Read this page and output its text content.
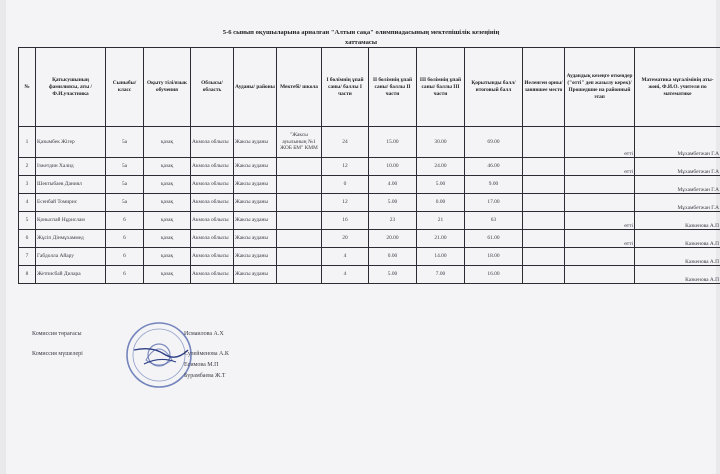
5-6 сынып оқушыларына арналған "Алтын сақа" олимпиадасының мектепішілік кезеңінің
хаттамасы
№	Қатысушының фамилиясы, аты /Ф.И.участника	Сыныбы/класс	Оқыту тілі/язык обучения	Облысы/ область	Ауданы/ районы	Мектебі/ школа	I бөлімнің ұпай саны/ баллы I части	II бөлімнің ұпай саны/ баллы II части	III бөлімнің ұпай саны/ баллы III части	Қорытынды балл/ итоговый балл	Иеленген орны/ занявшее место	Аудандық кезеңге өткендер ("өтті" деп жазылу керек)/ Прошедшие на районный этап	Математика мұғалімінің аты-жөні, Ф.И.О. учителя по математике
1	Қазымбек Жігер	5а	қазақ	Акмола облысы	Жаксы ауданы	"Жаксы ауылының №1 ЖОБ БМ" КММ	24	15.00	30.00	69.00		өтті	Мұхамбетжан Г.А
2	Ізжетдин Халид	5а	қазақ	Акмола облысы	Жаксы ауданы		12	10.00	24.00	46.00		өтті	Мұхамбетжан Г.А
3	Шектыбаев Даниял	5а	қазақ	Акмола облысы	Жаксы ауданы		0	4.00	5.00	9.00			Мұхамбетжан Г.А
4	Есенбай Томирис	5а	қазақ	Акмола облысы	Жаксы ауданы		12	5.00	0.00	17.00			Мұхамбетжан Г.А
5	Қоныспай Нұрислам	6	қазақ	Акмола облысы	Жаксы ауданы		16	23	21	63		өтті	Казкенова А.П
6	Жұсіп Дінмұхаммед	6	қазақ	Акмола облысы	Жаксы ауданы		20	20.00	21.00	61.00		өтті	Казкенова А.П
7	Габдолла Айару	6	қазақ	Акмола облысы	Жаксы ауданы		4	0.00	14.00	18.00			Казкенова А.П
8	Жетписбай Дилара	6	қазақ	Акмола облысы	Жаксы ауданы		4	5.00	7.00	16.00			Казкенова А.П
Комиссия төрағасы	Исмаилова А.Х
Комиссия мүшелері	Сулейменова А.К
Есимова М.П
Бурамбаева Ж.Т
